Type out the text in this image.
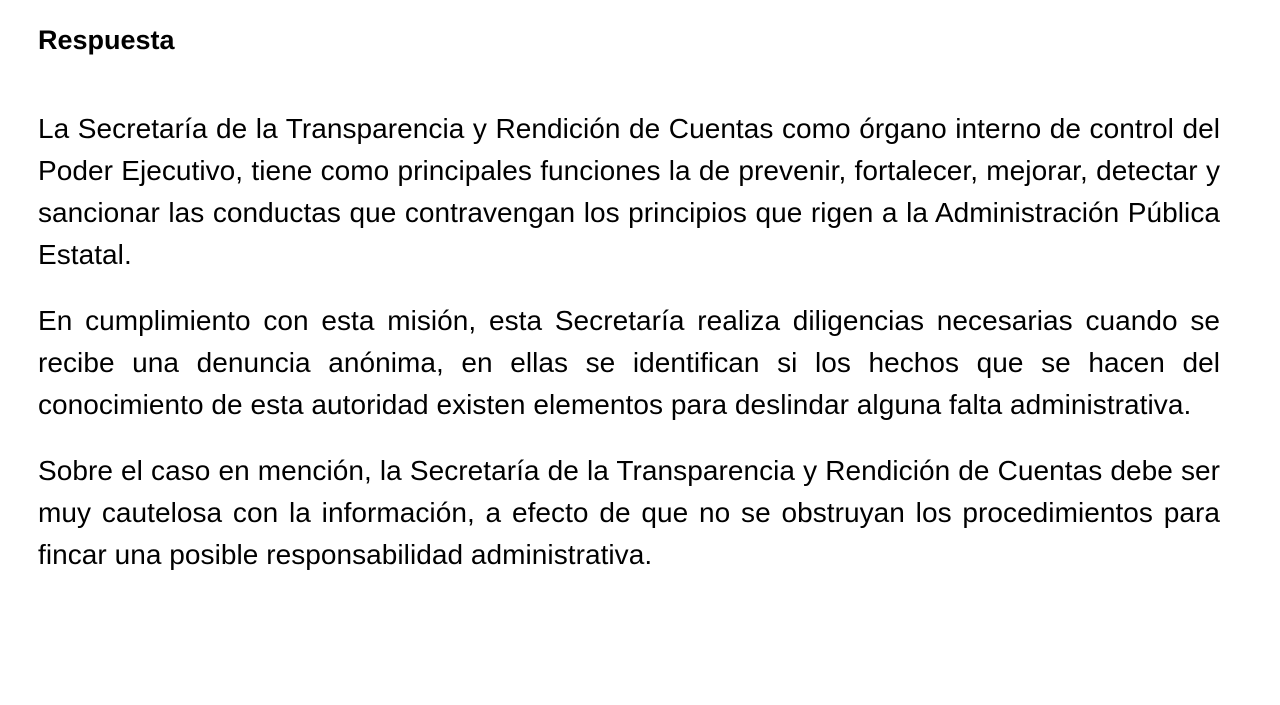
Respuesta

La Secretaría de la Transparencia y Rendición de Cuentas como órgano interno de control del Poder Ejecutivo, tiene como principales funciones la de prevenir, fortalecer, mejorar, detectar y sancionar las conductas que contravengan los principios que rigen a la Administración Pública Estatal.

En cumplimiento con esta misión, esta Secretaría realiza diligencias necesarias cuando se recibe una denuncia anónima, en ellas se identifican si los hechos que se hacen del conocimiento de esta autoridad existen elementos para deslindar alguna falta administrativa.

Sobre el caso en mención, la Secretaría de la Transparencia y Rendición de Cuentas debe ser muy cautelosa con la información, a efecto de que no se obstruyan los procedimientos para fincar una posible responsabilidad administrativa.
